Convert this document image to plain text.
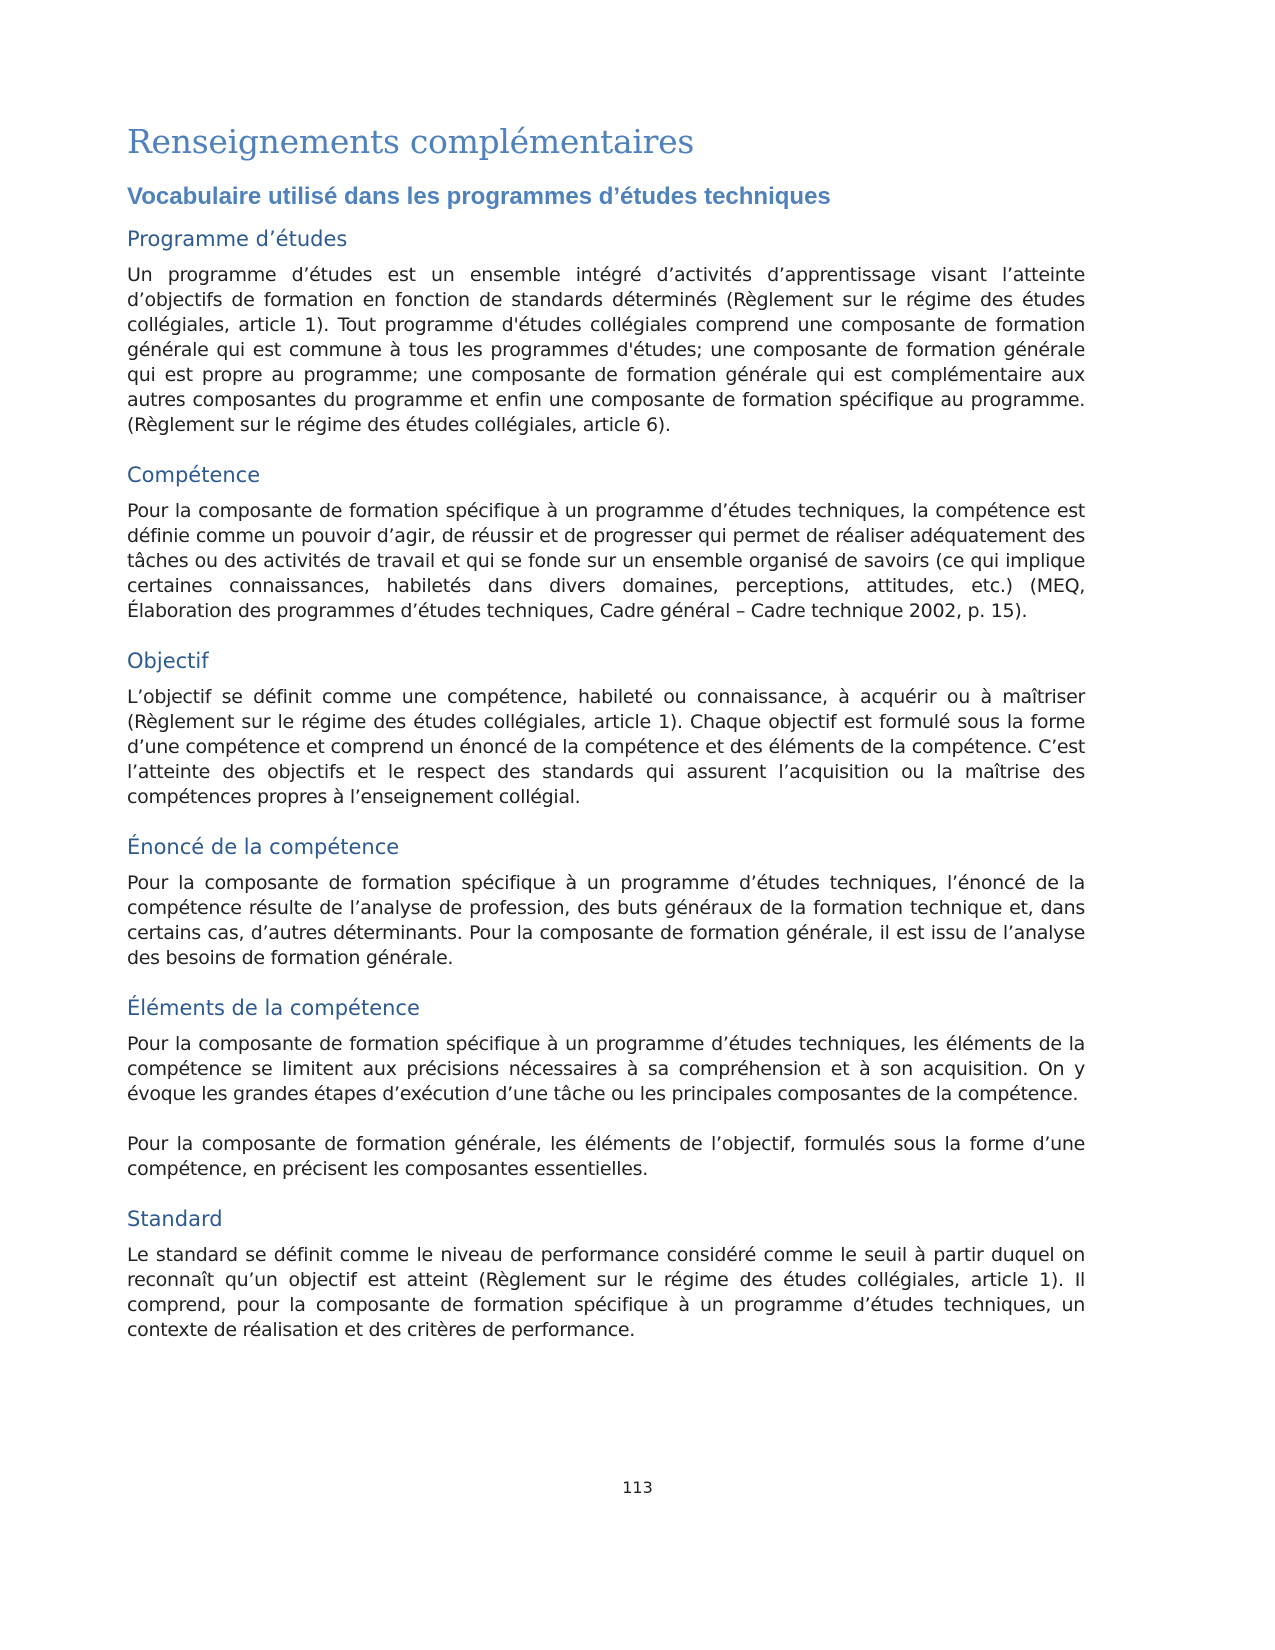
Renseignements complémentaires
Vocabulaire utilisé dans les programmes d’études techniques
Programme d’études

Un programme d’études est un ensemble intégré d’activités d’apprentissage visant l’atteinte d’objectifs de formation en fonction de standards déterminés (Règlement sur le régime des études collégiales, article 1). Tout programme d'études collégiales comprend une composante de formation générale qui est commune à tous les programmes d'études; une composante de formation générale qui est propre au programme; une composante de formation générale qui est complémentaire aux autres composantes du programme et enfin une composante de formation spécifique au programme. (Règlement sur le régime des études collégiales, article 6).

Compétence

Pour la composante de formation spécifique à un programme d’études techniques, la compétence est définie comme un pouvoir d’agir, de réussir et de progresser qui permet de réaliser adéquatement des tâches ou des activités de travail et qui se fonde sur un ensemble organisé de savoirs (ce qui implique certaines connaissances, habiletés dans divers domaines, perceptions, attitudes, etc.) (MEQ, Élaboration des programmes d’études techniques, Cadre général – Cadre technique 2002, p. 15).

Objectif

L’objectif se définit comme une compétence, habileté ou connaissance, à acquérir ou à maîtriser (Règlement sur le régime des études collégiales, article 1). Chaque objectif est formulé sous la forme d’une compétence et comprend un énoncé de la compétence et des éléments de la compétence. C’est l’atteinte des objectifs et le respect des standards qui assurent l’acquisition ou la maîtrise des compétences propres à l’enseignement collégial.

Énoncé de la compétence

Pour la composante de formation spécifique à un programme d’études techniques, l’énoncé de la compétence résulte de l’analyse de profession, des buts généraux de la formation technique et, dans certains cas, d’autres déterminants. Pour la composante de formation générale, il est issu de l’analyse des besoins de formation générale.

Éléments de la compétence

Pour la composante de formation spécifique à un programme d’études techniques, les éléments de la compétence se limitent aux précisions nécessaires à sa compréhension et à son acquisition. On y évoque les grandes étapes d’exécution d’une tâche ou les principales composantes de la compétence.

Pour la composante de formation générale, les éléments de l’objectif, formulés sous la forme d’une compétence, en précisent les composantes essentielles.

Standard

Le standard se définit comme le niveau de performance considéré comme le seuil à partir duquel on reconnaît qu’un objectif est atteint (Règlement sur le régime des études collégiales, article 1). Il comprend, pour la composante de formation spécifique à un programme d’études techniques, un contexte de réalisation et des critères de performance.

113
